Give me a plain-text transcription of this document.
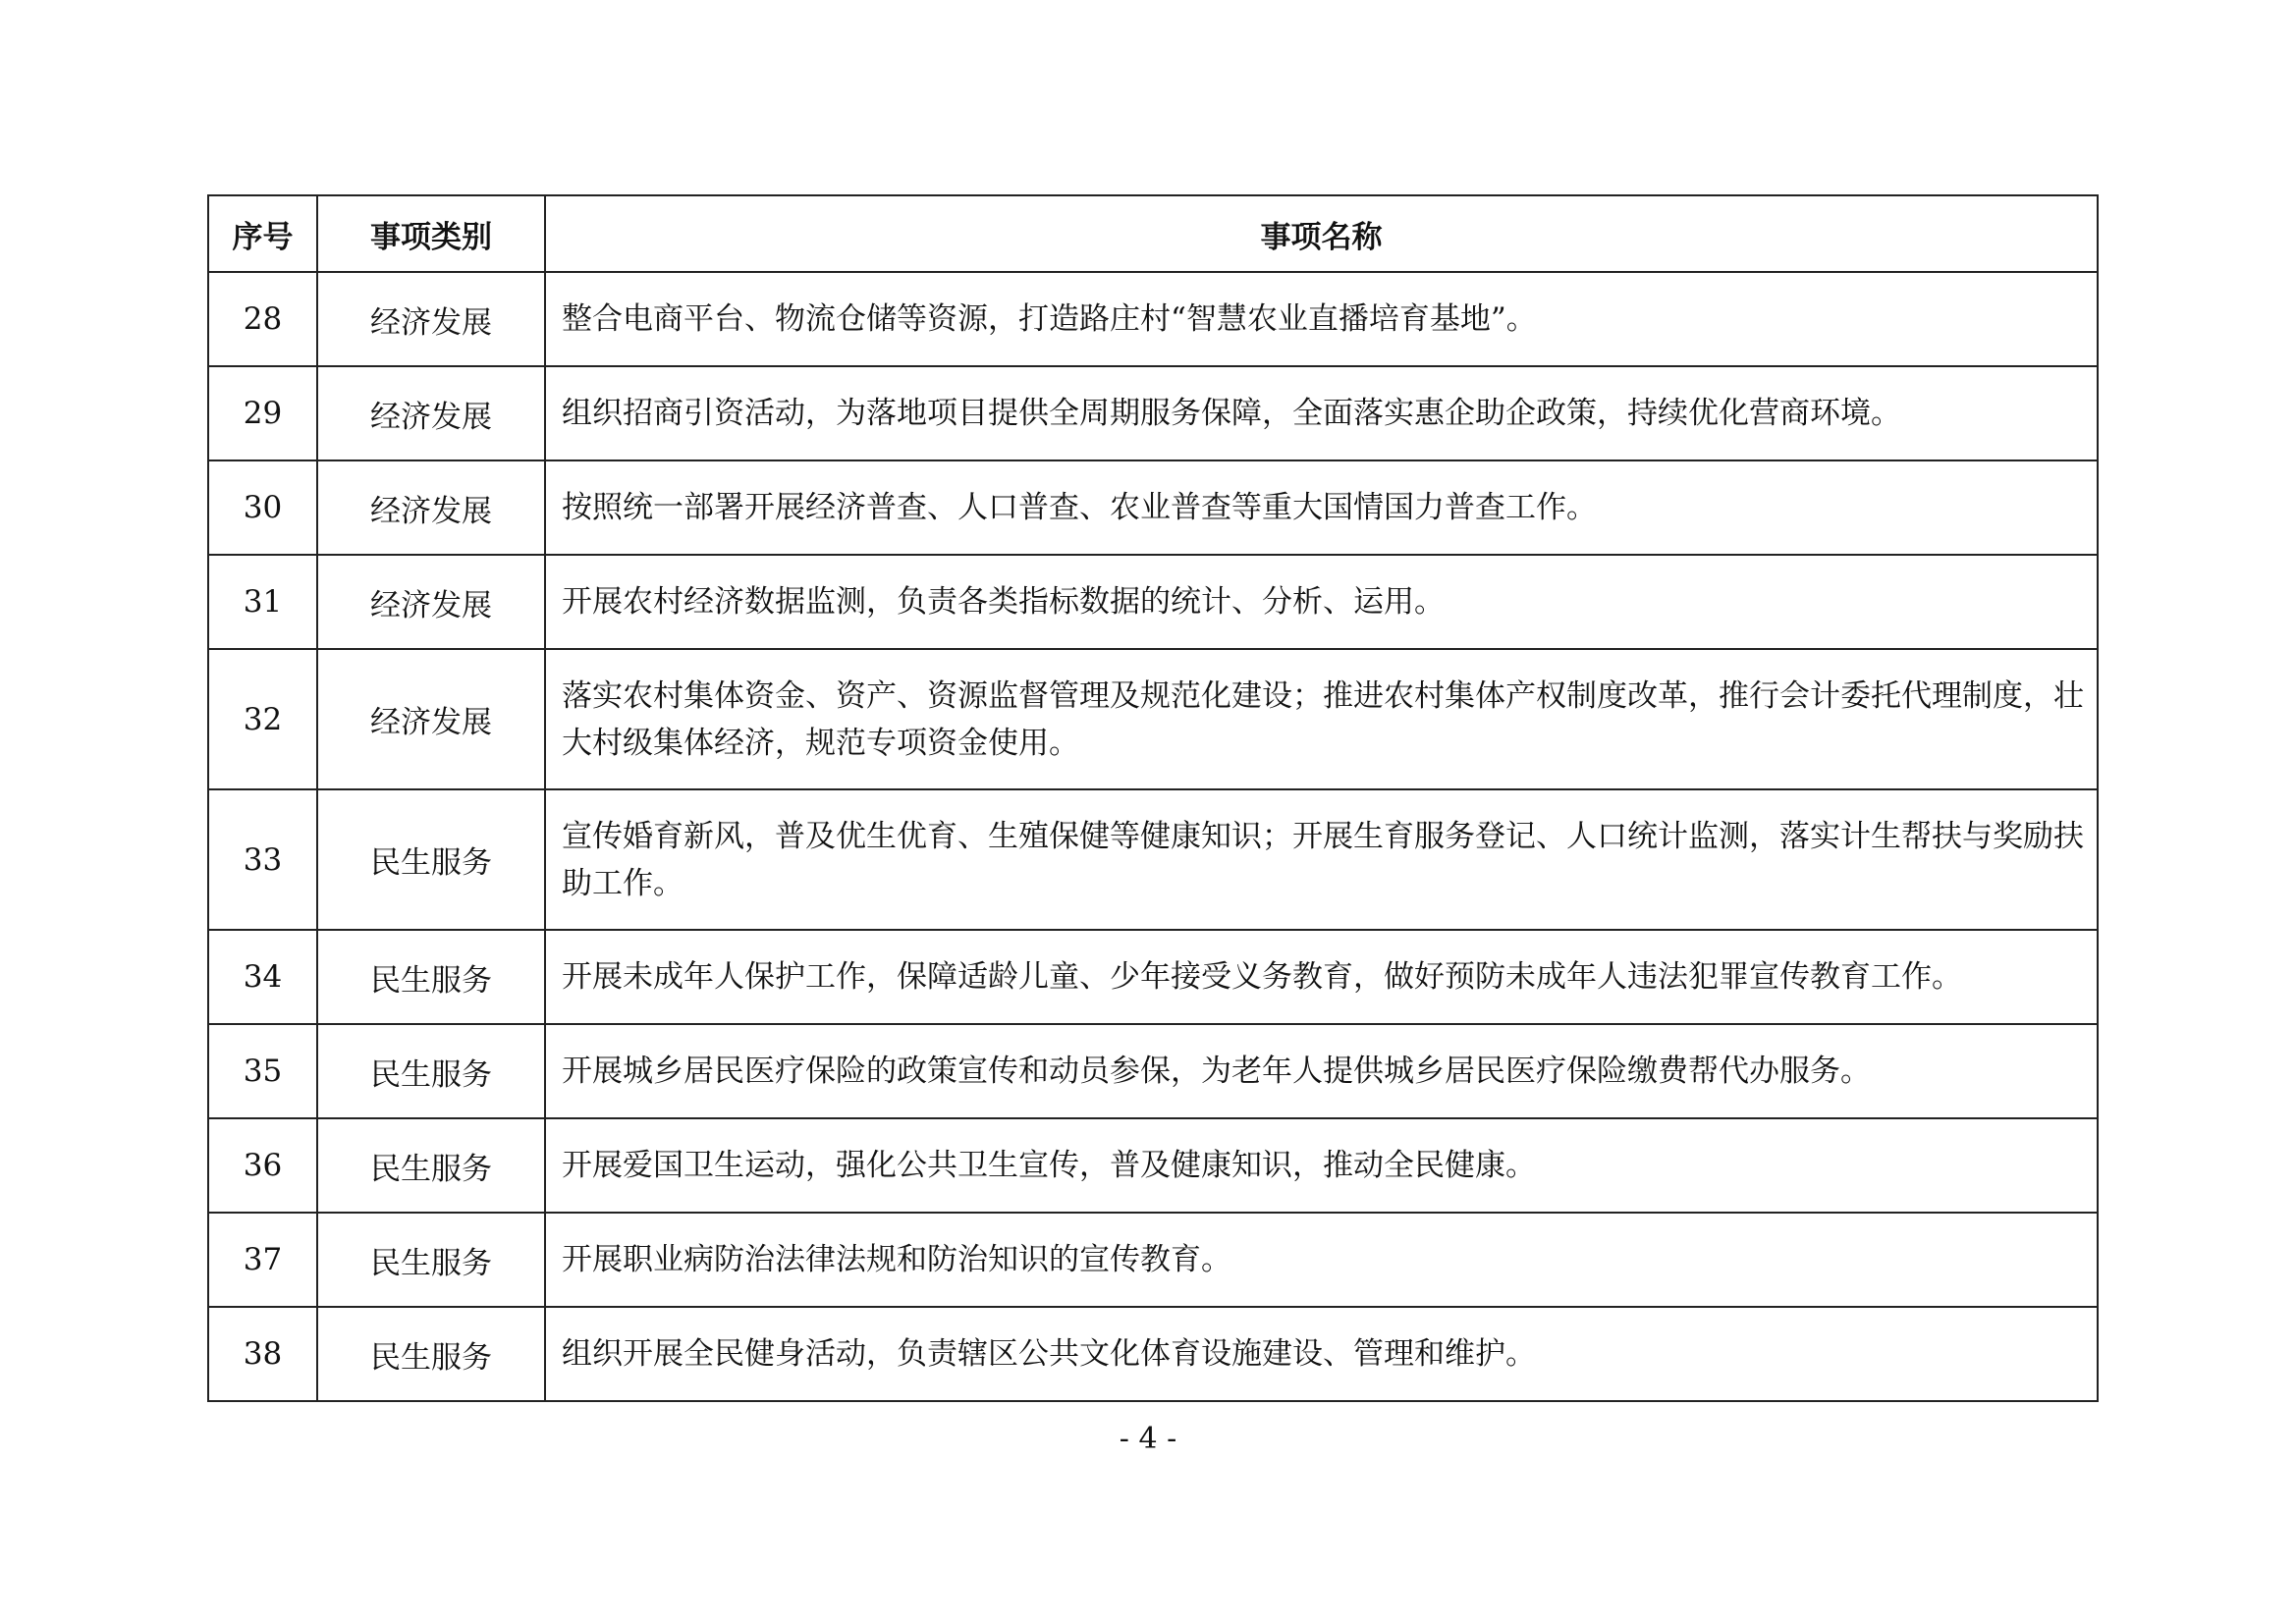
序号	事项类别	事项名称
28	经济发展	整合电商平台、物流仓储等资源，打造路庄村“智慧农业直播培育基地”。
29	经济发展	组织招商引资活动，为落地项目提供全周期服务保障，全面落实惠企助企政策，持续优化营商环境。
30	经济发展	按照统一部署开展经济普查、人口普查、农业普查等重大国情国力普查工作。
31	经济发展	开展农村经济数据监测，负责各类指标数据的统计、分析、运用。
32	经济发展	落实农村集体资金、资产、资源监督管理及规范化建设；推进农村集体产权制度改革，推行会计委托代理制度，壮大村级集体经济，规范专项资金使用。
33	民生服务	宣传婚育新风，普及优生优育、生殖保健等健康知识；开展生育服务登记、人口统计监测，落实计生帮扶与奖励扶助工作。
34	民生服务	开展未成年人保护工作，保障适龄儿童、少年接受义务教育，做好预防未成年人违法犯罪宣传教育工作。
35	民生服务	开展城乡居民医疗保险的政策宣传和动员参保，为老年人提供城乡居民医疗保险缴费帮代办服务。
36	民生服务	开展爱国卫生运动，强化公共卫生宣传，普及健康知识，推动全民健康。
37	民生服务	开展职业病防治法律法规和防治知识的宣传教育。
38	民生服务	组织开展全民健身活动，负责辖区公共文化体育设施建设、管理和维护。
- 4 -
